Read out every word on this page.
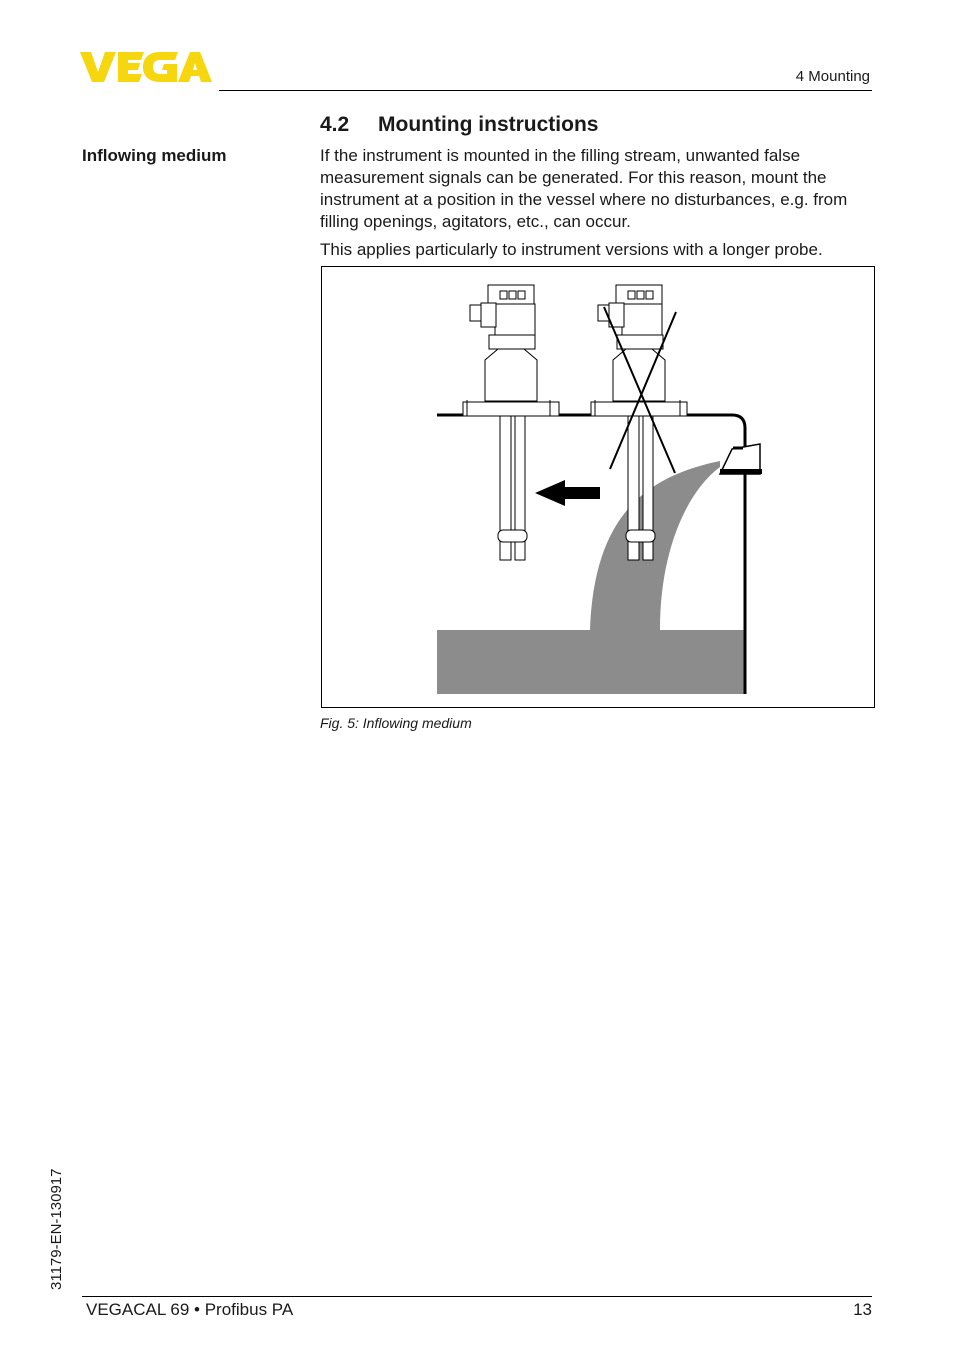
4 Mounting
4.2 Mounting instructions
Inflowing medium	If the instrument is mounted in the filling stream, unwanted false measurement signals can be generated. For this reason, mount the instrument at a position in the vessel where no disturbances, e.g. from filling openings, agitators, etc., can occur.

This applies particularly to instrument versions with a longer probe.

Fig. 5: Inflowing medium
31179-EN-130917
VEGACAL 69 • Profibus PA	13
